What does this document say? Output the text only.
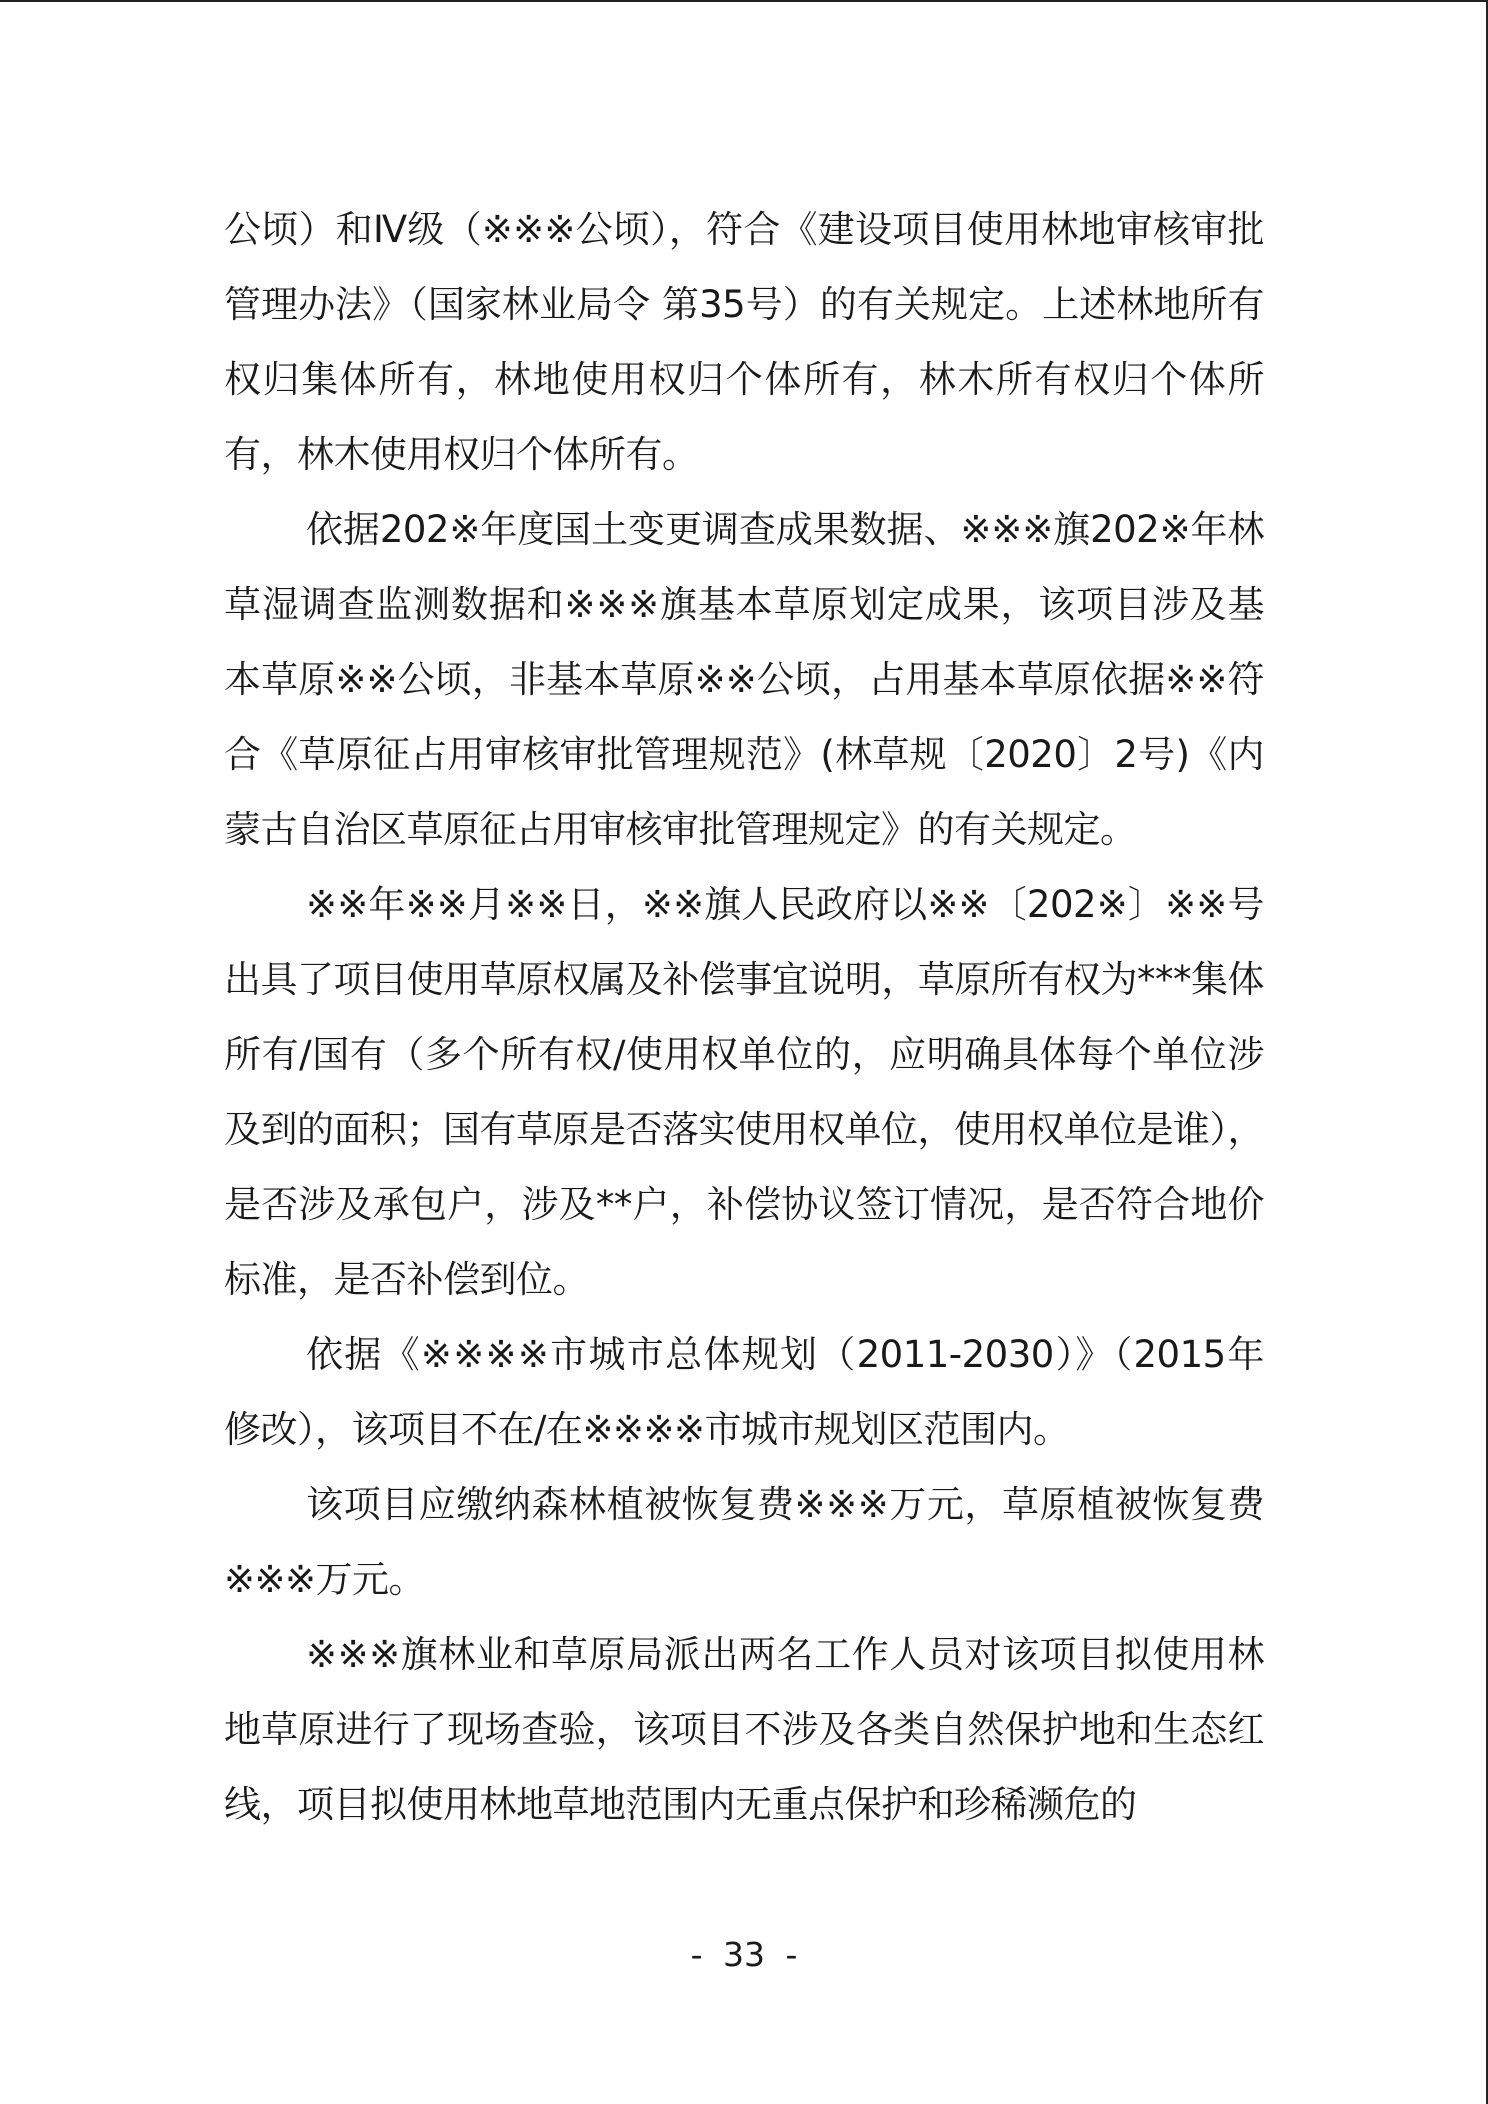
公顷）和Ⅳ级（※※※公顷），符合《建设项目使用林地审核审批管理办法》（国家林业局令 第35号）的有关规定。上述林地所有权归集体所有，林地使用权归个体所有，林木所有权归个体所有，林木使用权归个体所有。

依据202※年度国土变更调查成果数据、※※※旗202※年林草湿调查监测数据和※※※旗基本草原划定成果，该项目涉及基本草原※※公顷，非基本草原※※公顷，占用基本草原依据※※符合《草原征占用审核审批管理规范》(林草规〔2020〕2号)《内蒙古自治区草原征占用审核审批管理规定》的有关规定。

※※年※※月※※日，※※旗人民政府以※※〔202※〕※※号出具了项目使用草原权属及补偿事宜说明，草原所有权为***集体所有/国有（多个所有权/使用权单位的，应明确具体每个单位涉及到的面积；国有草原是否落实使用权单位，使用权单位是谁），是否涉及承包户，涉及**户，补偿协议签订情况，是否符合地价标准，是否补偿到位。

依据《※※※※市城市总体规划（2011-2030）》（2015年修改），该项目不在/在※※※※市城市规划区范围内。

该项目应缴纳森林植被恢复费※※※万元，草原植被恢复费※※※万元。

※※※旗林业和草原局派出两名工作人员对该项目拟使用林地草原进行了现场查验，该项目不涉及各类自然保护地和生态红线，项目拟使用林地草地范围内无重点保护和珍稀濒危的

- 33 -
